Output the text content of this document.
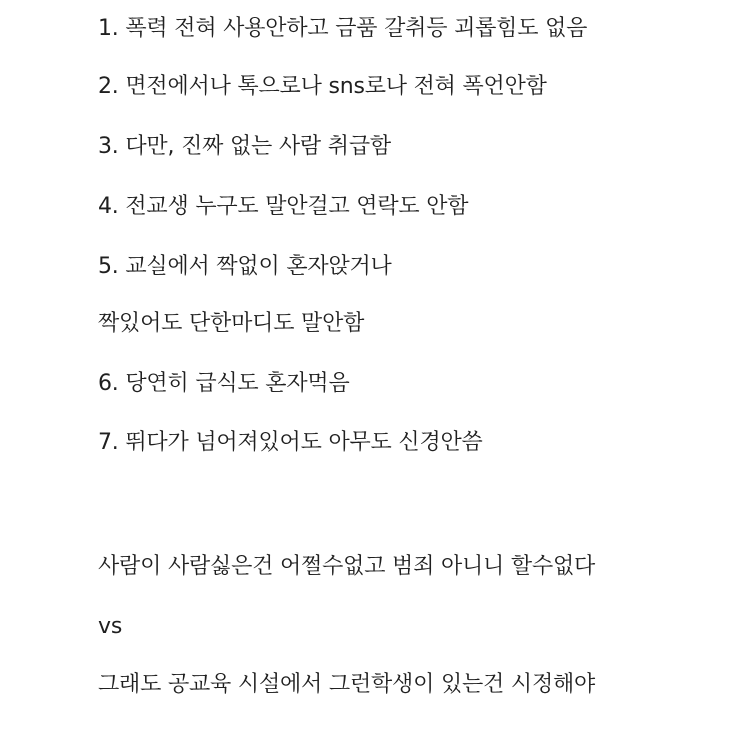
1. 폭력 전혀 사용안하고 금품 갈취등 괴롭힘도 없음
2. 면전에서나 톡으로나 sns로나 전혀 폭언안함
3. 다만, 진짜 없는 사람 취급함
4. 전교생 누구도 말안걸고 연락도 안함
5. 교실에서 짝없이 혼자앉거나
짝있어도 단한마디도 말안함
6. 당연히 급식도 혼자먹음
7. 뛰다가 넘어져있어도 아무도 신경안씀
사람이 사람싫은건 어쩔수없고 범죄 아니니 할수없다
vs
그래도 공교육 시설에서 그런학생이 있는건 시정해야
